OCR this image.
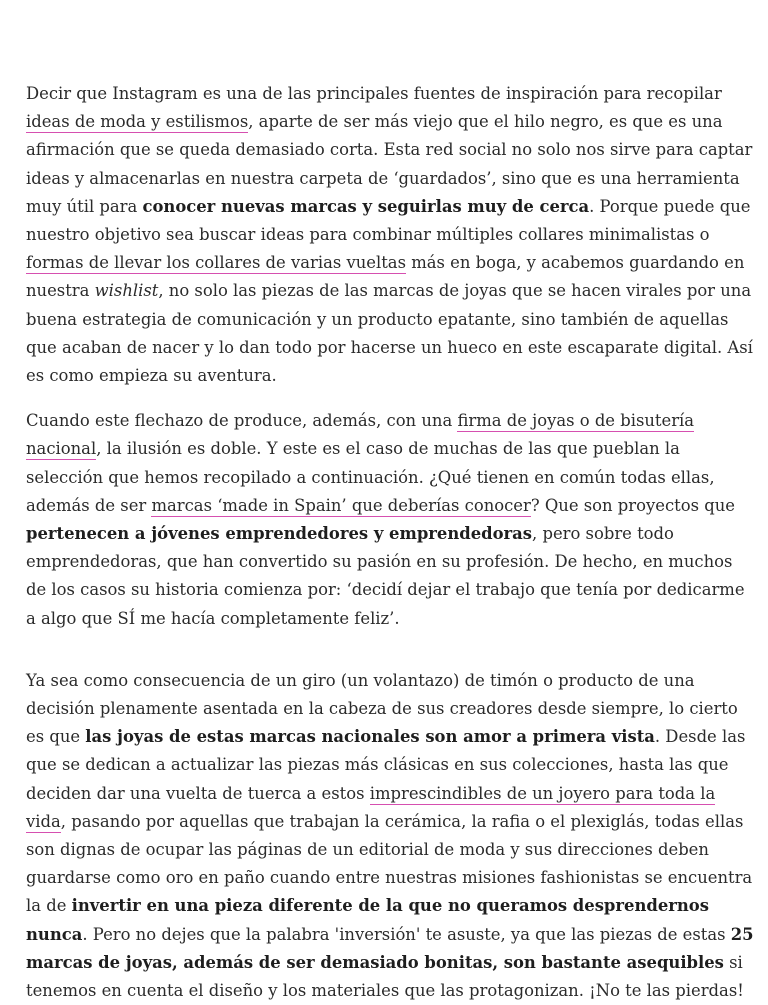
Decir que Instagram es una de las principales fuentes de inspiración para recopilar ideas de moda y estilismos, aparte de ser más viejo que el hilo negro, es que es una afirmación que se queda demasiado corta. Esta red social no solo nos sirve para captar ideas y almacenarlas en nuestra carpeta de ‘guardados’, sino que es una herramienta muy útil para conocer nuevas marcas y seguirlas muy de cerca. Porque puede que nuestro objetivo sea buscar ideas para combinar múltiples collares minimalistas o formas de llevar los collares de varias vueltas más en boga, y acabemos guardando en nuestra wishlist, no solo las piezas de las marcas de joyas que se hacen virales por una buena estrategia de comunicación y un producto epatante, sino también de aquellas que acaban de nacer y lo dan todo por hacerse un hueco en este escaparate digital. Así es como empieza su aventura.

Cuando este flechazo de produce, además, con una firma de joyas o de bisutería nacional, la ilusión es doble. Y este es el caso de muchas de las que pueblan la selección que hemos recopilado a continuación. ¿Qué tienen en común todas ellas, además de ser marcas ‘made in Spain’ que deberías conocer? Que son proyectos que pertenecen a jóvenes emprendedores y emprendedoras, pero sobre todo emprendedoras, que han convertido su pasión en su profesión. De hecho, en muchos de los casos su historia comienza por: ‘decidí dejar el trabajo que tenía por dedicarme a algo que SÍ me hacía completamente feliz’.

Ya sea como consecuencia de un giro (un volantazo) de timón o producto de una decisión plenamente asentada en la cabeza de sus creadores desde siempre, lo cierto es que las joyas de estas marcas nacionales son amor a primera vista. Desde las que se dedican a actualizar las piezas más clásicas en sus colecciones, hasta las que deciden dar una vuelta de tuerca a estos imprescindibles de un joyero para toda la vida, pasando por aquellas que trabajan la cerámica, la rafia o el plexiglás, todas ellas son dignas de ocupar las páginas de un editorial de moda y sus direcciones deben guardarse como oro en paño cuando entre nuestras misiones fashionistas se encuentra la de invertir en una pieza diferente de la que no queramos desprendernos nunca. Pero no dejes que la palabra 'inversión' te asuste, ya que las piezas de estas 25 marcas de joyas, además de ser demasiado bonitas, son bastante asequibles si tenemos en cuenta el diseño y los materiales que las protagonizan. ¡No te las pierdas!
